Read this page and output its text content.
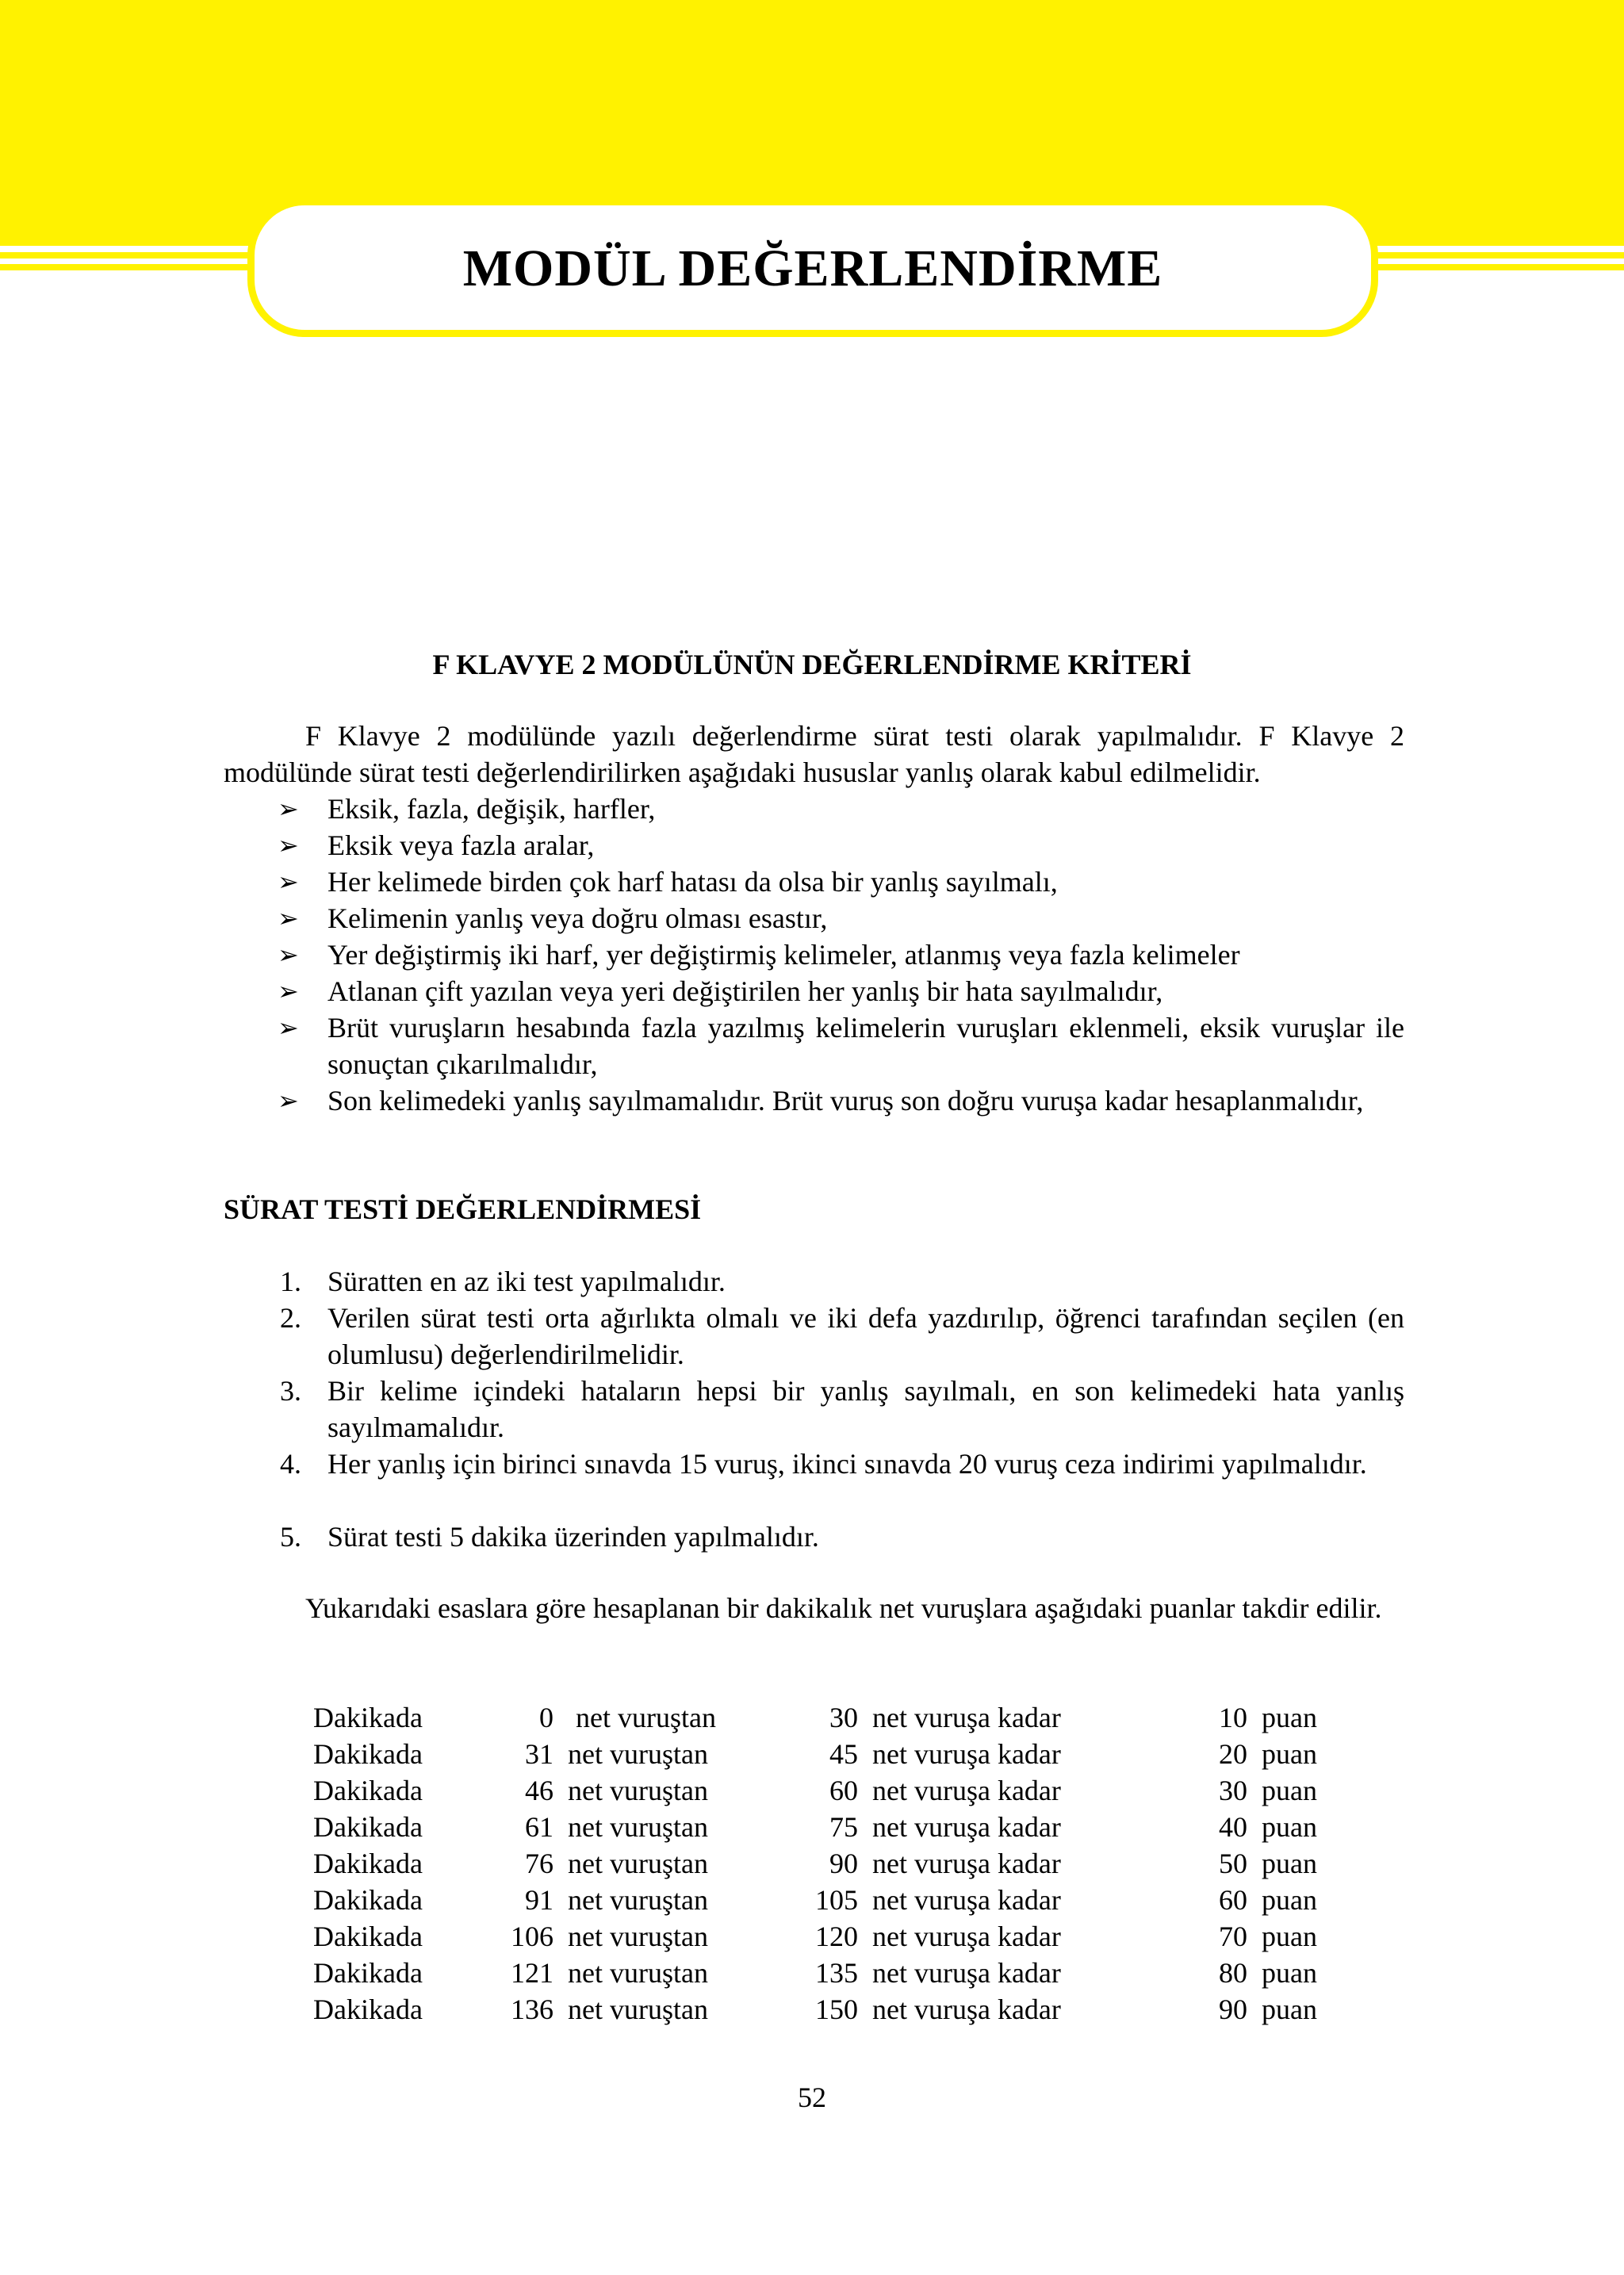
MODÜL DEĞERLENDİRME
F KLAVYE 2 MODÜLÜNÜN DEĞERLENDİRME KRİTERİ
F Klavye 2 modülünde yazılı değerlendirme sürat testi olarak yapılmalıdır. F Klavye 2
modülünde sürat testi değerlendirilirken aşağıdaki hususlar yanlış olarak kabul edilmelidir.
➢ Eksik, fazla, değişik, harfler,
➢ Eksik veya fazla aralar,
➢ Her kelimede birden çok harf hatası da olsa bir yanlış sayılmalı,
➢ Kelimenin yanlış veya doğru olması esastır,
➢ Yer değiştirmiş iki harf, yer değiştirmiş kelimeler, atlanmış veya fazla kelimeler
➢ Atlanan çift yazılan veya yeri değiştirilen her yanlış bir hata sayılmalıdır,
➢ Brüt vuruşların hesabında fazla yazılmış kelimelerin vuruşları eklenmeli, eksik vuruşlar ile sonuçtan çıkarılmalıdır,
➢ Son kelimedeki yanlış sayılmamalıdır. Brüt vuruş son doğru vuruşa kadar hesaplanmalıdır,
SÜRAT TESTİ DEĞERLENDİRMESİ
1. Süratten en az iki test yapılmalıdır.
2. Verilen sürat testi orta ağırlıkta olmalı ve iki defa yazdırılıp, öğrenci tarafından seçilen (en olumlusu) değerlendirilmelidir.
3. Bir kelime içindeki hataların hepsi bir yanlış sayılmalı, en son kelimedeki hata yanlış sayılmamalıdır.
4. Her yanlış için birinci sınavda 15 vuruş, ikinci sınavda 20 vuruş ceza indirimi yapılmalıdır.
5. Sürat testi 5 dakika üzerinden yapılmalıdır.
Yukarıdaki esaslara göre hesaplanan bir dakikalık net vuruşlara aşağıdaki puanlar takdir edilir.
Dakikada	0 net vuruştan	30 net vuruşa kadar	10 puan
Dakikada	31 net vuruştan	45 net vuruşa kadar	20 puan
Dakikada	46 net vuruştan	60 net vuruşa kadar	30 puan
Dakikada	61 net vuruştan	75 net vuruşa kadar	40 puan
Dakikada	76 net vuruştan	90 net vuruşa kadar	50 puan
Dakikada	91 net vuruştan	105 net vuruşa kadar	60 puan
Dakikada	106 net vuruştan	120 net vuruşa kadar	70 puan
Dakikada	121 net vuruştan	135 net vuruşa kadar	80 puan
Dakikada	136 net vuruştan	150 net vuruşa kadar	90 puan
52
